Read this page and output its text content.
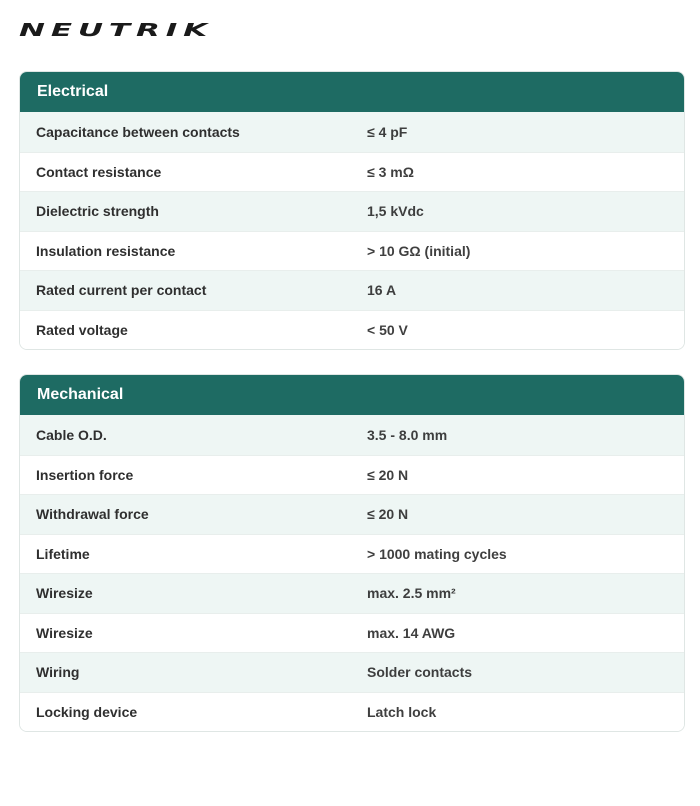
NEUTRIK
Electrical
Capacitance between contacts	≤ 4 pF
Contact resistance	≤ 3 mΩ
Dielectric strength	1,5 kVdc
Insulation resistance	> 10 GΩ (initial)
Rated current per contact	16 A
Rated voltage	< 50 V
Mechanical
Cable O.D.	3.5 - 8.0 mm
Insertion force	≤ 20 N
Withdrawal force	≤ 20 N
Lifetime	> 1000 mating cycles
Wiresize	max. 2.5 mm²
Wiresize	max. 14 AWG
Wiring	Solder contacts
Locking device	Latch lock
